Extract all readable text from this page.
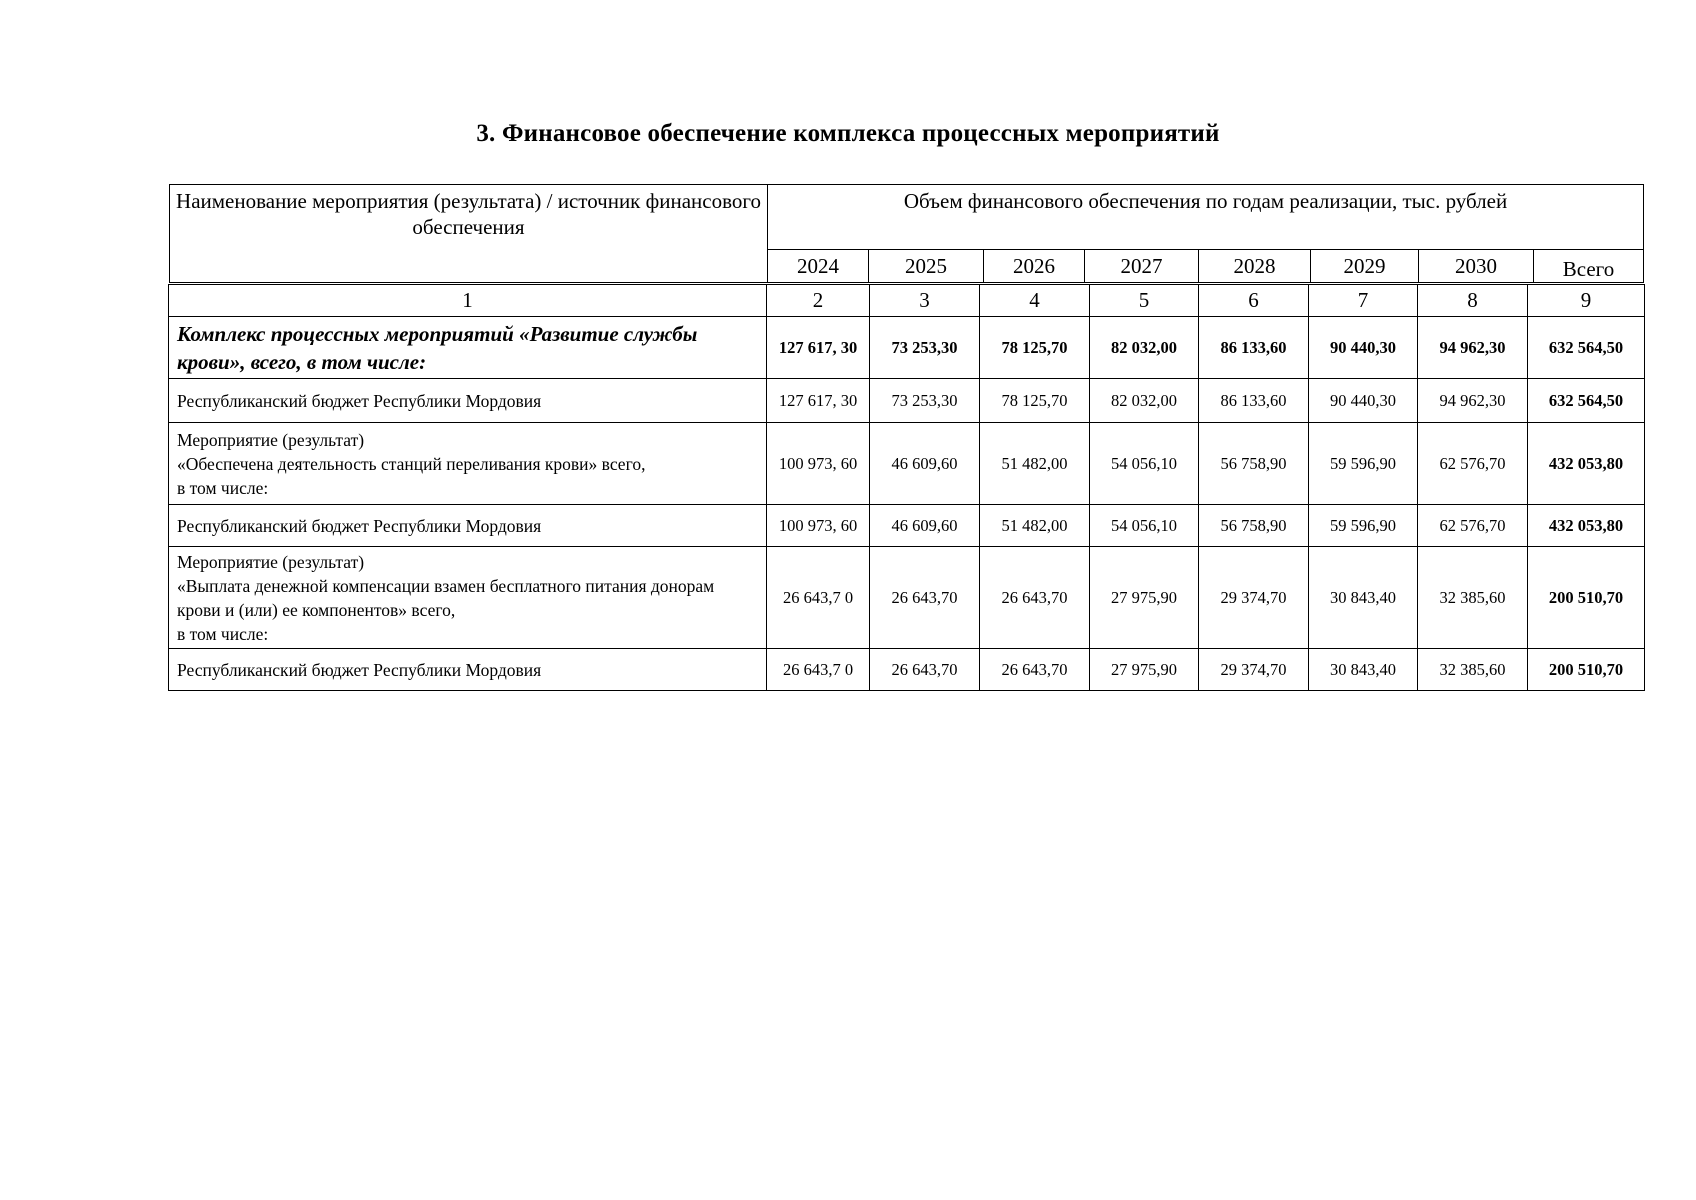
3. Финансовое обеспечение комплекса процессных мероприятий
Наименование мероприятия (результата) / источник финансового обеспечения	Объем финансового обеспечения по годам реализации, тыс. рублей							
	2024	2025	2026	2027	2028	2029	2030	Всего
1	2	3	4	5	6	7	8	9
Комплекс процессных мероприятий «Развитие службы крови», всего, в том числе:	127 617, 30	73 253,30	78 125,70	82 032,00	86 133,60	90 440,30	94 962,30	632 564,50
Республиканский бюджет Республики Мордовия	127 617, 30	73 253,30	78 125,70	82 032,00	86 133,60	90 440,30	94 962,30	632 564,50

Мероприятие (результат)
«Обеспечена деятельность станций переливания крови» всего,
в том числе:	100 973, 60	46 609,60	51 482,00	54 056,10	56 758,90	59 596,90	62 576,70	432 053,80
Республиканский бюджет Республики Мордовия	100 973, 60	46 609,60	51 482,00	54 056,10	56 758,90	59 596,90	62 576,70	432 053,80

Мероприятие (результат)
«Выплата денежной компенсации взамен бесплатного питания донорам крови и (или) ее компонентов» всего,
в том числе:	26 643,7 0	26 643,70	26 643,70	27 975,90	29 374,70	30 843,40	32 385,60	200 510,70
Республиканский бюджет Республики Мордовия	26 643,7 0	26 643,70	26 643,70	27 975,90	29 374,70	30 843,40	32 385,60	200 510,70
